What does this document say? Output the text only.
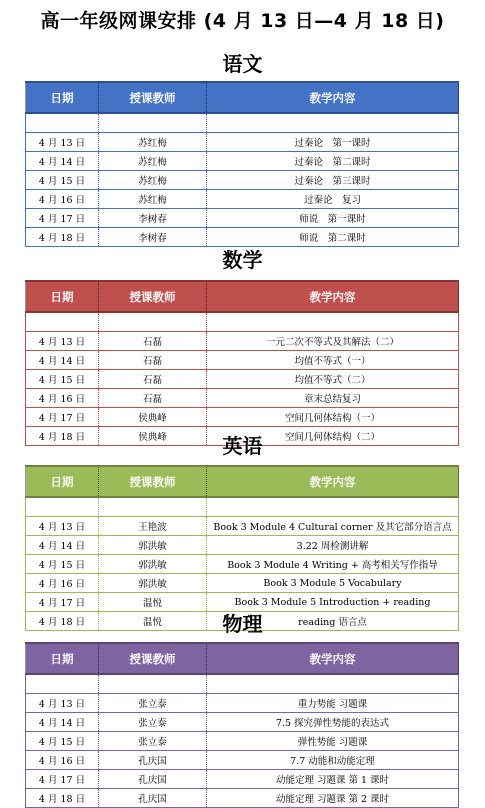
高一年级网课安排 (4 月 13 日—4 月 18 日)
语文
日期	授课教师	教学内容

4 月 13 日	苏红梅	过秦论　第一课时
4 月 14 日	苏红梅	过秦论　第二课时
4 月 15 日	苏红梅	过秦论　第三课时
4 月 16 日	苏红梅	过秦论　复习
4 月 17 日	李树春	师说　第一课时
4 月 18 日	李树春	师说　第二课时
数学
日期	授课教师	教学内容

4 月 13 日	石磊	一元二次不等式及其解法（二）
4 月 14 日	石磊	均值不等式（一）
4 月 15 日	石磊	均值不等式（二）
4 月 16 日	石磊	章末总结复习
4 月 17 日	侯典峰	空间几何体结构（一）
4 月 18 日	侯典峰	空间几何体结构（二）
英语
日期	授课教师	教学内容

4 月 13 日	王艳波	Book 3 Module 4 Cultural corner 及其它部分语言点
4 月 14 日	郭洪敏	3.22 周检测讲解
4 月 15 日	郭洪敏	Book 3 Module 4 Writing + 高考相关写作指导
4 月 16 日	郭洪敏	Book 3 Module 5 Vocabulary
4 月 17 日	温悦	Book 3 Module 5 Introduction + reading
4 月 18 日	温悦	reading 语言点
物理
日期	授课教师	教学内容

4 月 13 日	张立泰	重力势能 习题课
4 月 14 日	张立泰	7.5 探究弹性势能的表达式
4 月 15 日	张立泰	弹性势能 习题课
4 月 16 日	孔庆国	7.7 动能和动能定理
4 月 17 日	孔庆国	动能定理 习题课 第 1 课时
4 月 18 日	孔庆国	动能定理 习题课 第 2 课时
